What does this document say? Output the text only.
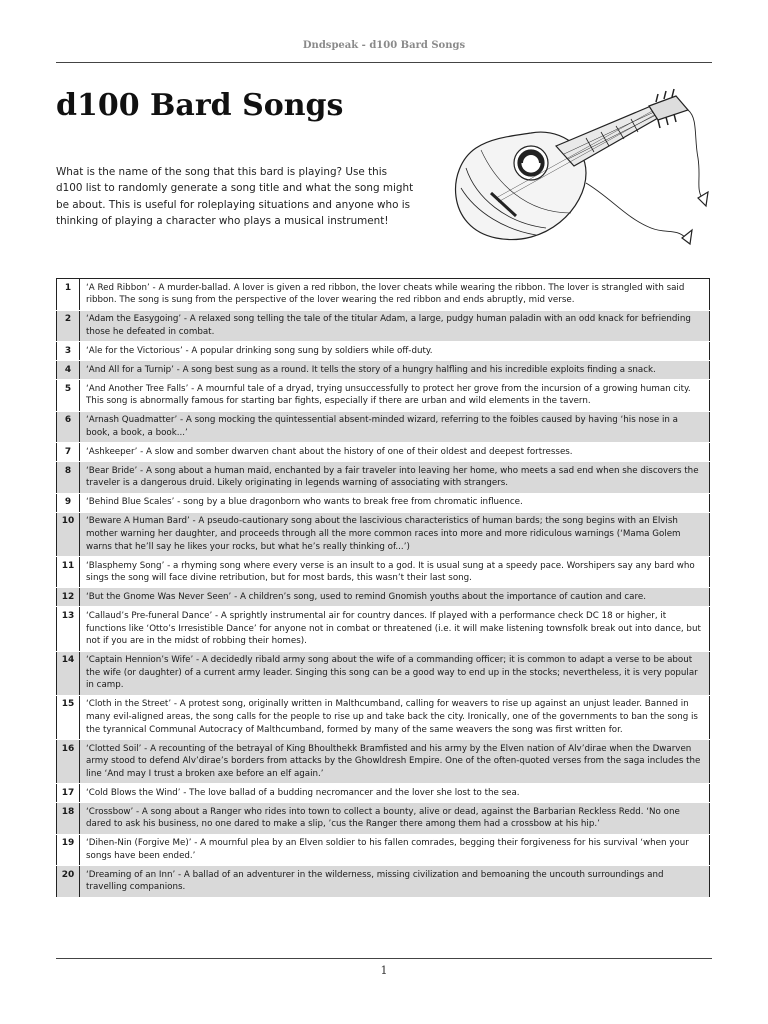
Dndspeak - d100 Bard Songs
d100 Bard Songs
What is the name of the song that this bard is playing? Use this d100 list to randomly generate a song title and what the song might be about. This is useful for roleplaying situations and anyone who is thinking of playing a character who plays a musical instrument!
1	‘A Red Ribbon’ - A murder-ballad. A lover is given a red ribbon, the lover cheats while wearing the ribbon. The lover is strangled with said ribbon. The song is sung from the perspective of the lover wearing the red ribbon and ends abruptly, mid verse.
2	‘Adam the Easygoing’ - A relaxed song telling the tale of the titular Adam, a large, pudgy human paladin with an odd knack for befriending those he defeated in combat.
3	‘Ale for the Victorious’ - A popular drinking song sung by soldiers while off-duty.
4	‘And All for a Turnip’ - A song best sung as a round. It tells the story of a hungry halfling and his incredible exploits finding a snack.
5	‘And Another Tree Falls’ - A mournful tale of a dryad, trying unsuccessfully to protect her grove from the incursion of a growing human city. This song is abnormally famous for starting bar fights, especially if there are urban and wild elements in the tavern.
6	‘Arnash Quadmatter’ - A song mocking the quintessential absent-minded wizard, referring to the foibles caused by having ‘his nose in a book, a book, a book...’
7	‘Ashkeeper’ - A slow and somber dwarven chant about the history of one of their oldest and deepest fortresses.
8	‘Bear Bride’ - A song about a human maid, enchanted by a fair traveler into leaving her home, who meets a sad end when she discovers the traveler is a dangerous druid. Likely originating in legends warning of associating with strangers.
9	‘Behind Blue Scales’ - song by a blue dragonborn who wants to break free from chromatic influence.
10	‘Beware A Human Bard’ - A pseudo-cautionary song about the lascivious characteristics of human bards; the song begins with an Elvish mother warning her daughter, and proceeds through all the more common races into more and more ridiculous warnings (‘Mama Golem warns that he’ll say he likes your rocks, but what he’s really thinking of...’)
11	‘Blasphemy Song’ - a rhyming song where every verse is an insult to a god. It is usual sung at a speedy pace. Worshipers say any bard who sings the song will face divine retribution, but for most bards, this wasn’t their last song.
12	‘But the Gnome Was Never Seen’ - A children’s song, used to remind Gnomish youths about the importance of caution and care.
13	‘Callaud’s Pre-funeral Dance’ - A sprightly instrumental air for country dances. If played with a performance check DC 18 or higher, it functions like ‘Otto’s Irresistible Dance’ for anyone not in combat or threatened (i.e. it will make listening townsfolk break out into dance, but not if you are in the midst of robbing their homes).
14	‘Captain Hennion’s Wife’ - A decidedly ribald army song about the wife of a commanding officer; it is common to adapt a verse to be about the wife (or daughter) of a current army leader. Singing this song can be a good way to end up in the stocks; nevertheless, it is very popular in camp.
15	‘Cloth in the Street’ - A protest song, originally written in Malthcumband, calling for weavers to rise up against an unjust leader. Banned in many evil-aligned areas, the song calls for the people to rise up and take back the city. Ironically, one of the governments to ban the song is the tyrannical Communal Autocracy of Malthcumband, formed by many of the same weavers the song was first written for.
16	‘Clotted Soil’ - A recounting of the betrayal of King Bhoulthekk Bramfisted and his army by the Elven nation of Alv’dirae when the Dwarven army stood to defend Alv’dirae’s borders from attacks by the Ghowldresh Empire. One of the often-quoted verses from the saga includes the line ‘And may I trust a broken axe before an elf again.’
17	‘Cold Blows the Wind’ - The love ballad of a budding necromancer and the lover she lost to the sea.
18	‘Crossbow’ - A song about a Ranger who rides into town to collect a bounty, alive or dead, against the Barbarian Reckless Redd. ‘No one dared to ask his business, no one dared to make a slip, ’cus the Ranger there among them had a crossbow at his hip.’
19	‘Dihen-Nin (Forgive Me)’ - A mournful plea by an Elven soldier to his fallen comrades, begging their forgiveness for his survival ‘when your songs have been ended.’
20	‘Dreaming of an Inn’ - A ballad of an adventurer in the wilderness, missing civilization and bemoaning the uncouth surroundings and travelling companions.
1
